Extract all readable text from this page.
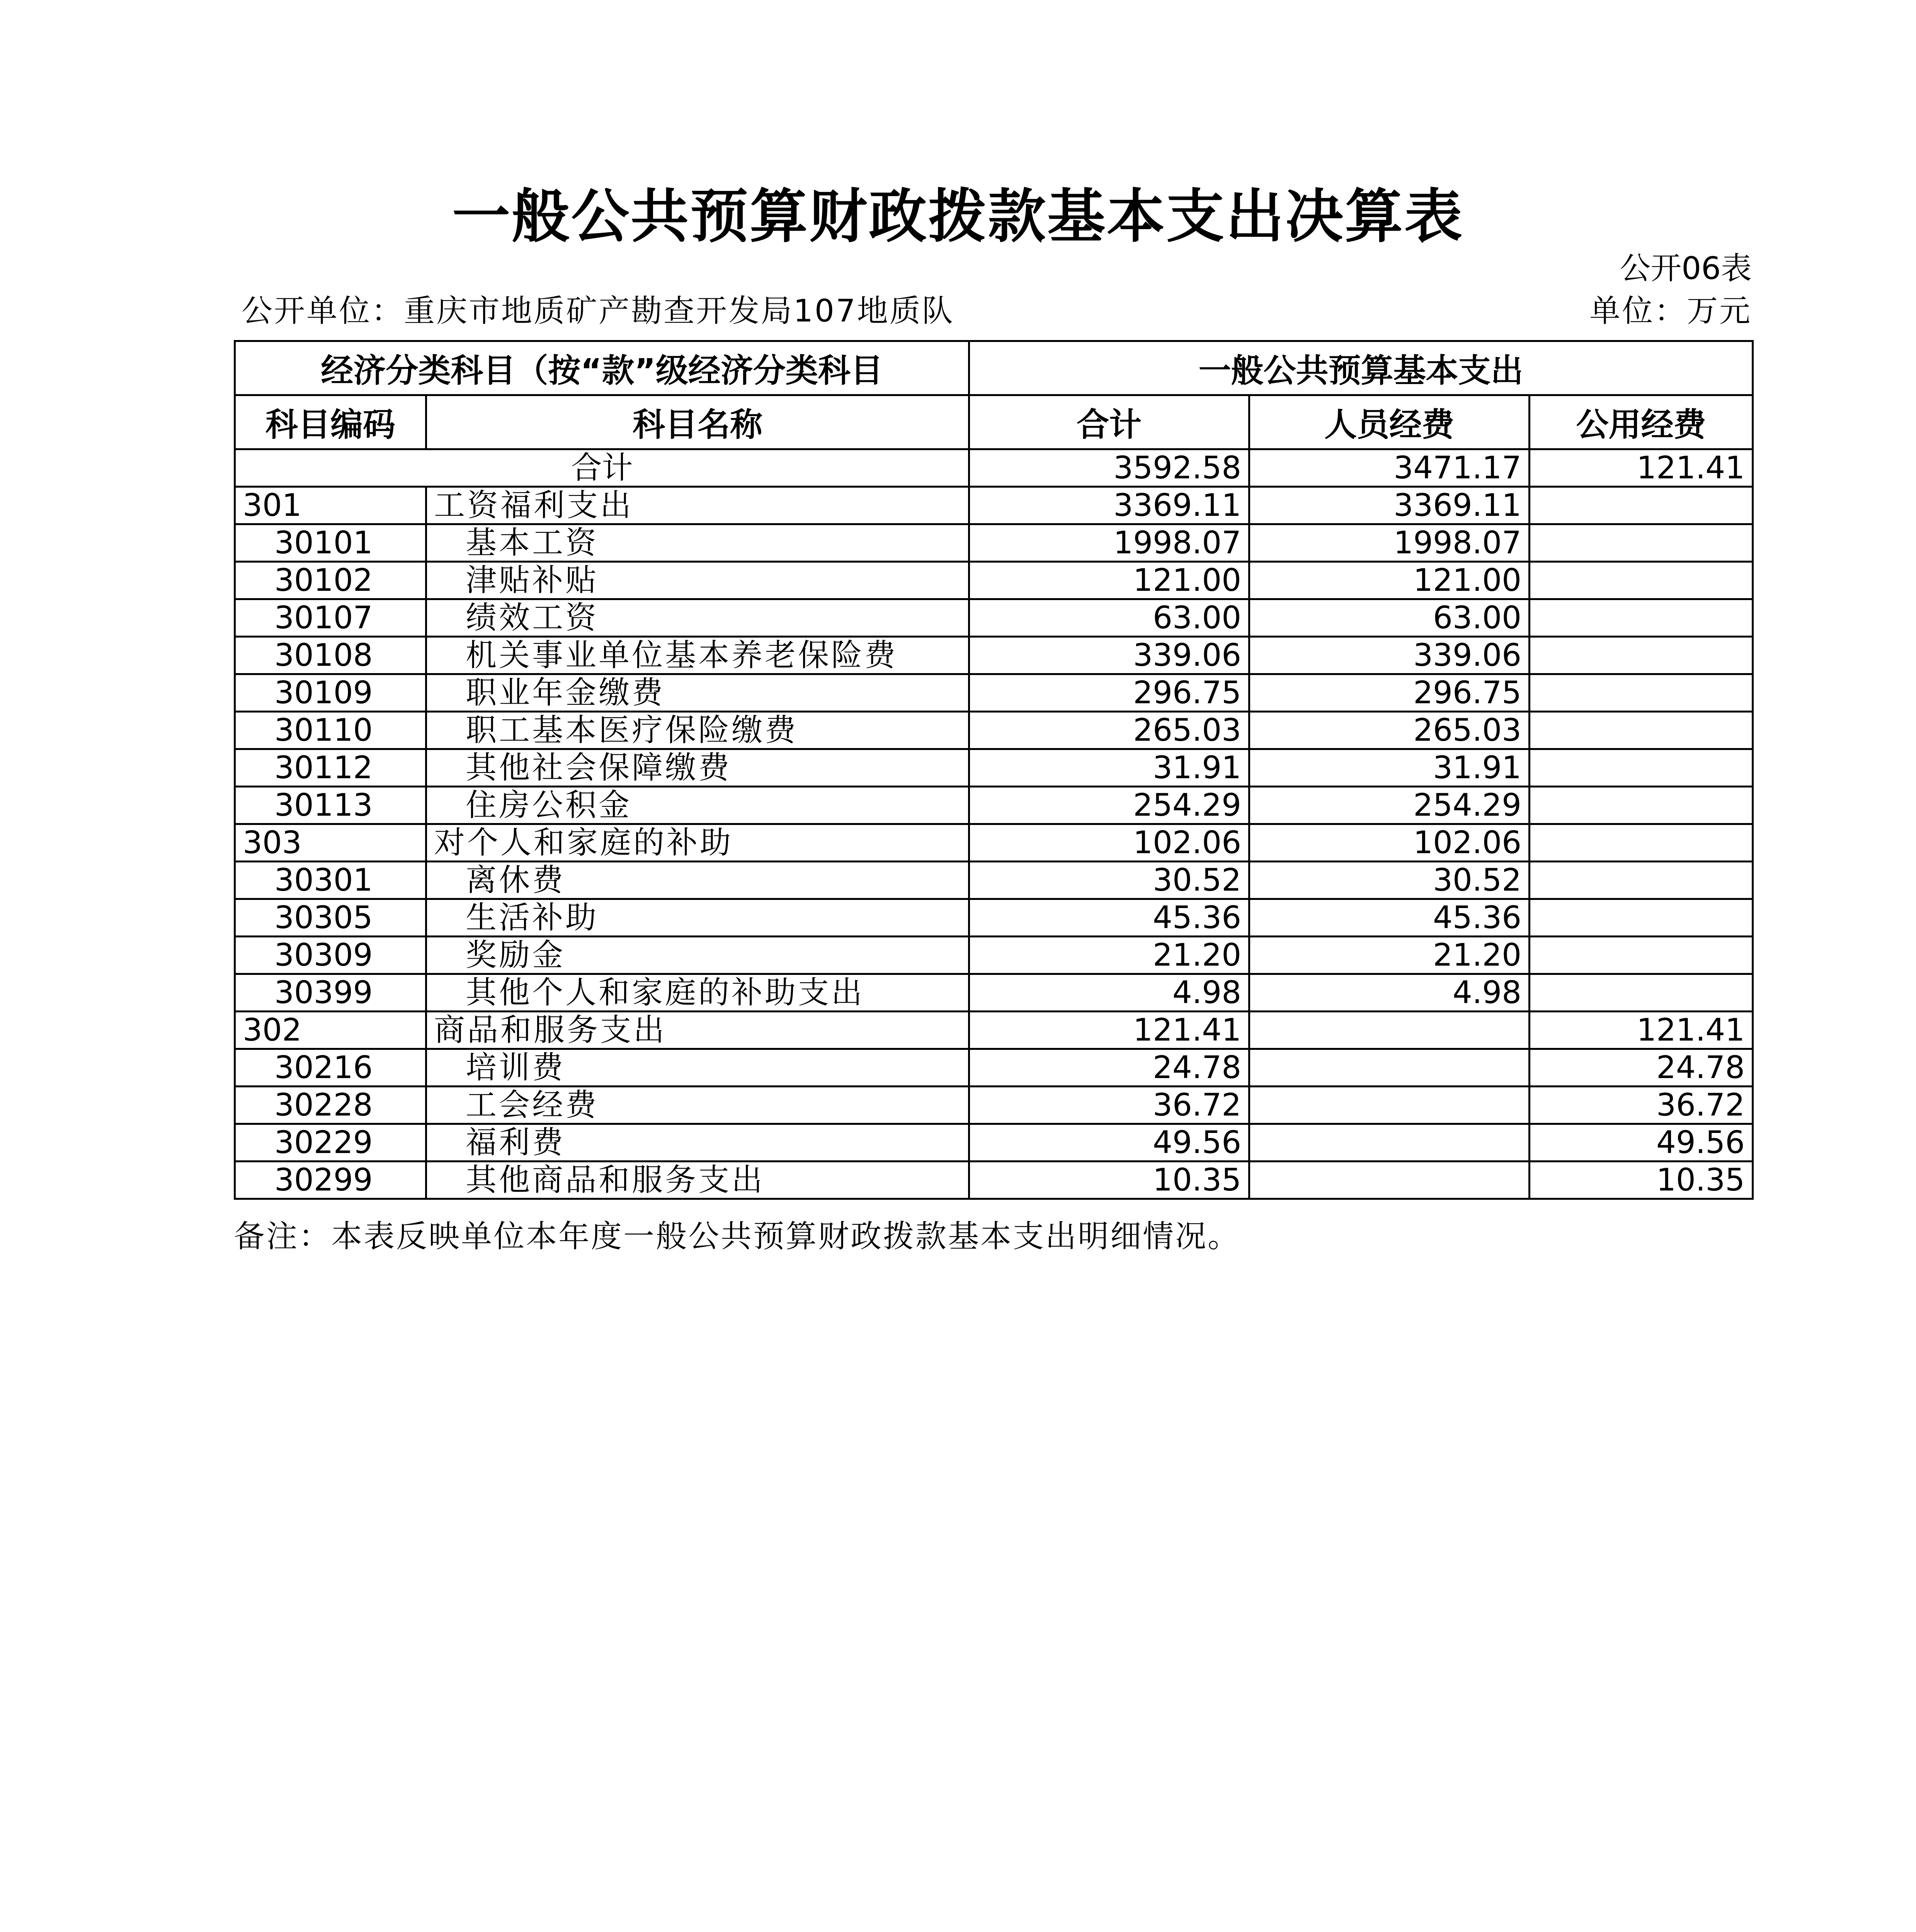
一般公共预算财政拨款基本支出决算表
公开06表
公开单位：重庆市地质矿产勘查开发局107地质队	单位：万元
经济分类科目（按“款”级经济分类科目		一般公共预算基本支出		
科目编码	科目名称	合计	人员经费	公用经费
合计		3592.58	3471.17	121.41
301	工资福利支出	3369.11	3369.11	
30101	基本工资	1998.07	1998.07	
30102	津贴补贴	121.00	121.00	
30107	绩效工资	63.00	63.00	
30108	机关事业单位基本养老保险费	339.06	339.06	
30109	职业年金缴费	296.75	296.75	
30110	职工基本医疗保险缴费	265.03	265.03	
30112	其他社会保障缴费	31.91	31.91	
30113	住房公积金	254.29	254.29	
303	对个人和家庭的补助	102.06	102.06	
30301	离休费	30.52	30.52	
30305	生活补助	45.36	45.36	
30309	奖励金	21.20	21.20	
30399	其他个人和家庭的补助支出	4.98	4.98	
302	商品和服务支出	121.41		121.41
30216	培训费	24.78		24.78
30228	工会经费	36.72		36.72
30229	福利费	49.56		49.56
30299	其他商品和服务支出	10.35		10.35
备注：本表反映单位本年度一般公共预算财政拨款基本支出明细情况。
